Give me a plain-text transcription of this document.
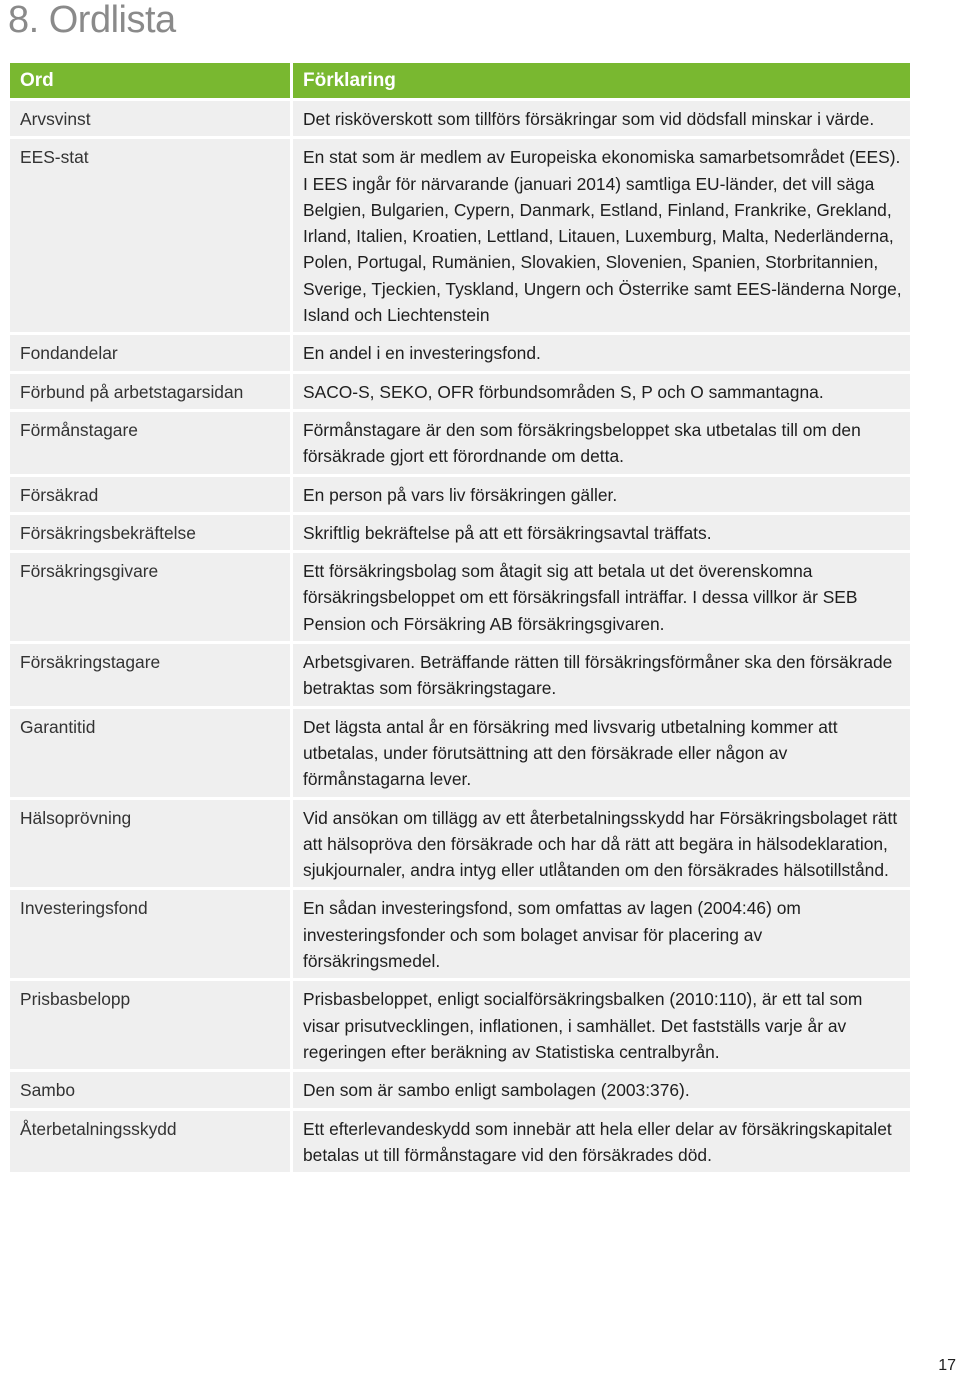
8. Ordlista
Ord	Förklaring
Arvsvinst	Det risköverskott som tillförs försäkringar som vid dödsfall minskar i värde.
EES-stat	En stat som är medlem av Europeiska ekonomiska samarbetsområdet (EES). I EES ingår för närvarande (januari 2014) samtliga EU-länder, det vill säga Belgien, Bulgarien, Cypern, Danmark, Estland, Finland, Frankrike, Grekland, Irland, Italien, Kroatien, Lettland, Litauen, Luxemburg, Malta, Nederländerna, Polen, Portugal, Rumänien, Slovakien, Slovenien, Spanien, Storbritannien, Sverige, Tjeckien, Tyskland, Ungern och Österrike samt EES-länderna Norge, Island och Liechtenstein
Fondandelar	En andel i en investeringsfond.
Förbund på arbetstagarsidan	SACO-S, SEKO, OFR förbundsområden S, P och O sammantagna.
Förmånstagare	Förmånstagare är den som försäkringsbeloppet ska utbetalas till om den försäkrade gjort ett förordnande om detta.
Försäkrad	En person på vars liv försäkringen gäller.
Försäkringsbekräftelse	Skriftlig bekräftelse på att ett försäkringsavtal träffats.
Försäkringsgivare	Ett försäkringsbolag som åtagit sig att betala ut det överenskomna försäkringsbeloppet om ett försäkringsfall inträffar. I dessa villkor är SEB Pension och Försäkring AB försäkringsgivaren.
Försäkringstagare	Arbetsgivaren. Beträffande rätten till försäkringsförmåner ska den försäkrade betraktas som försäkringstagare.
Garantitid	Det lägsta antal år en försäkring med livsvarig utbetalning kommer att utbetalas, under förutsättning att den försäkrade eller någon av förmånstagarna lever.
Hälsoprövning	Vid ansökan om tillägg av ett återbetalningsskydd har Försäkringsbolaget rätt att hälsopröva den försäkrade och har då rätt att begära in hälsodeklaration, sjukjournaler, andra intyg eller utlåtanden om den försäkrades hälsotillstånd.
Investeringsfond	En sådan investeringsfond, som omfattas av lagen (2004:46) om investeringsfonder och som bolaget anvisar för placering av försäkringsmedel.
Prisbasbelopp	Prisbasbeloppet, enligt socialförsäkringsbalken (2010:110), är ett tal som visar prisutvecklingen, inflationen, i samhället. Det fastställs varje år av regeringen efter beräkning av Statistiska centralbyrån.
Sambo	Den som är sambo enligt sambolagen (2003:376).
Återbetalningsskydd	Ett efterlevandeskydd som innebär att hela eller delar av försäkringskapitalet betalas ut till förmånstagare vid den försäkrades död.
17
